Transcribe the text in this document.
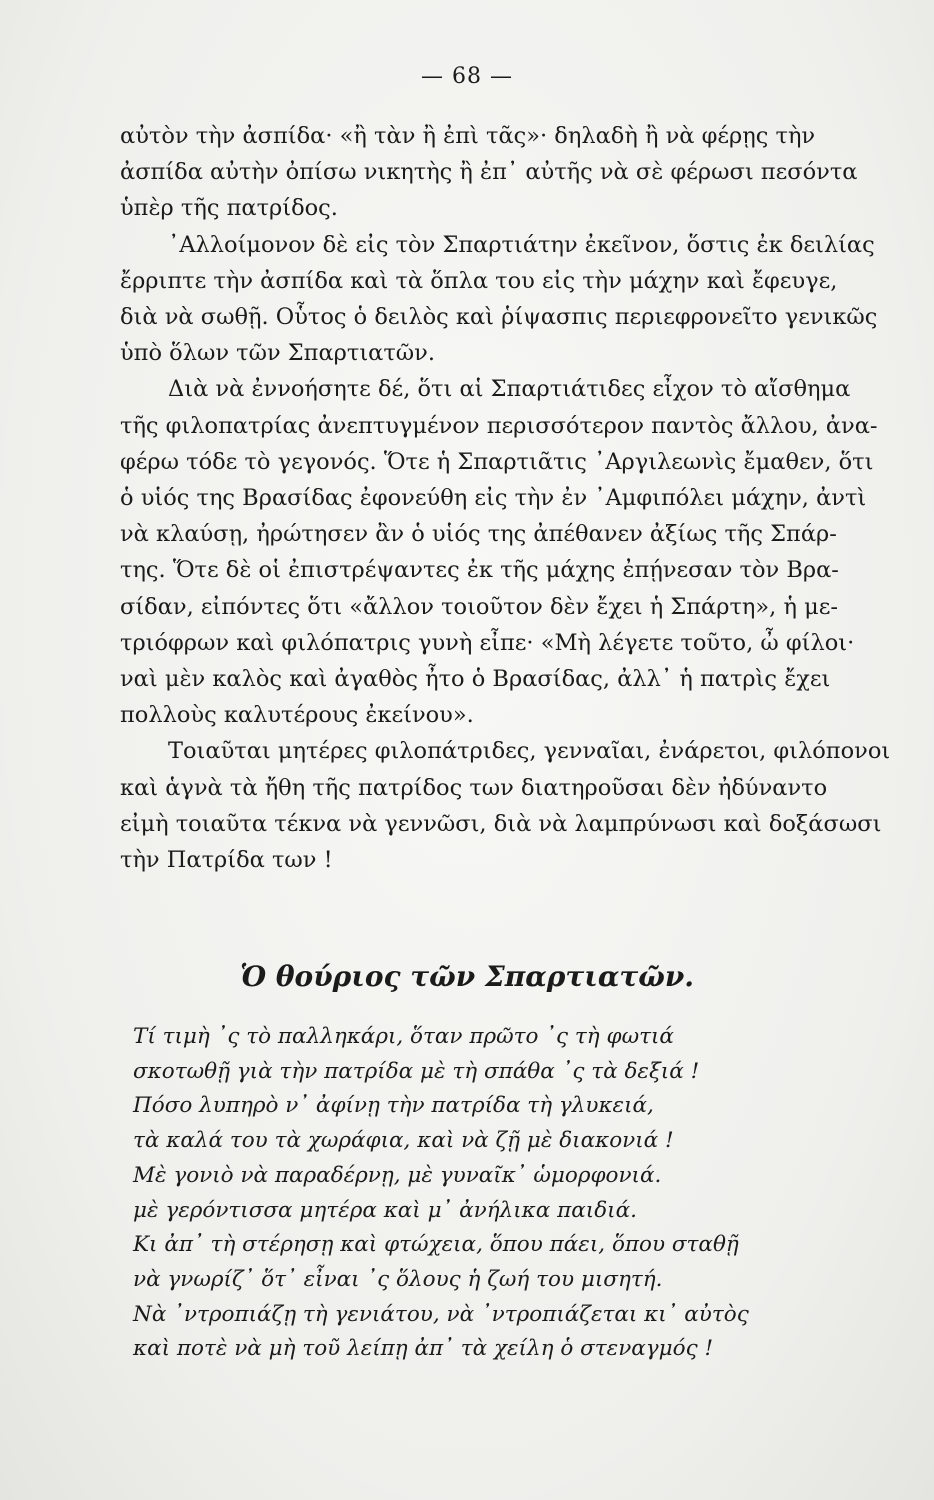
— 68 —
αὐτὸν τὴν ἀσπίδα· «ἢ τὰν ἢ ἐπὶ τᾶς»· δηλαδὴ ἢ νὰ φέρῃς τὴν
ἀσπίδα αὐτὴν ὀπίσω νικητὴς ἢ ἐπ᾽ αὐτῆς νὰ σὲ φέρωσι πεσόντα
ὑπὲρ τῆς πατρίδος.
᾿Αλλοίμονον δὲ εἰς τὸν Σπαρτιάτην ἐκεῖνον, ὅστις ἐκ δειλίας
ἔρριπτε τὴν ἀσπίδα καὶ τὰ ὅπλα του εἰς τὴν μάχην καὶ ἔφευγε,
διὰ νὰ σωθῇ. Οὗτος ὁ δειλὸς καὶ ῥίψασπις περιεφρονεῖτο γενικῶς
ὑπὸ ὅλων τῶν Σπαρτιατῶν.
Διὰ νὰ ἐννοήσητε δέ, ὅτι αἱ Σπαρτιάτιδες εἶχον τὸ αἴσθημα
τῆς φιλοπατρίας ἀνεπτυγμένον περισσότερον παντὸς ἄλλου, ἀνα-
φέρω τόδε τὸ γεγονός. Ὅτε ἡ Σπαρτιᾶτις ᾿Αργιλεωνὶς ἔμαθεν, ὅτι
ὁ υἱός της Βρασίδας ἐφονεύθη εἰς τὴν ἐν ᾿Αμφιπόλει μάχην, ἀντὶ
νὰ κλαύσῃ, ἠρώτησεν ἂν ὁ υἱός της ἀπέθανεν ἀξίως τῆς Σπάρ-
της. Ὅτε δὲ οἱ ἐπιστρέψαντες ἐκ τῆς μάχης ἐπῄνεσαν τὸν Βρα-
σίδαν, εἰπόντες ὅτι «ἄλλον τοιοῦτον δὲν ἔχει ἡ Σπάρτη», ἡ με-
τριόφρων καὶ φιλόπατρις γυνὴ εἶπε· «Μὴ λέγετε τοῦτο, ὦ φίλοι·
ναὶ μὲν καλὸς καὶ ἀγαθὸς ἦτο ὁ Βρασίδας, ἀλλ᾽ ἡ πατρὶς ἔχει
πολλοὺς καλυτέρους ἐκείνου».
Τοιαῦται μητέρες φιλοπάτριδες, γενναῖαι, ἐνάρετοι, φιλόπονοι
καὶ ἁγνὰ τὰ ἤθη τῆς πατρίδος των διατηροῦσαι δὲν ἠδύναντο
εἰμὴ τοιαῦτα τέκνα νὰ γεννῶσι, διὰ νὰ λαμπρύνωσι καὶ δοξάσωσι
τὴν Πατρίδα των !
Ὁ θούριος τῶν Σπαρτιατῶν.
Τί τιμὴ ᾽ς τὸ παλληκάρι, ὅταν πρῶτο ᾽ς τὴ φωτιά
σκοτωθῇ γιὰ τὴν πατρίδα μὲ τὴ σπάθα ᾽ς τὰ δεξιά !
Πόσο λυπηρὸ ν᾽ ἀφίνῃ τὴν πατρίδα τὴ γλυκειά,
τὰ καλά του τὰ χωράφια, καὶ νὰ ζῇ μὲ διακονιά !
Μὲ γονιὸ νὰ παραδέρνῃ, μὲ γυναῖκ᾽ ὡμορφονιά.
μὲ γερόντισσα μητέρα καὶ μ᾽ ἀνήλικα παιδιά.
Κι ἀπ᾽ τὴ στέρησῃ καὶ φτώχεια, ὅπου πάει, ὅπου σταθῇ
νὰ γνωρίζ᾽ ὅτ᾽ εἶναι ᾽ς ὅλους ἡ ζωή του μισητή.
Νὰ ᾽ντροπιάζῃ τὴ γενιάτου, νὰ ᾽ντροπιάζεται κι᾽ αὐτὸς
καὶ ποτὲ νὰ μὴ τοῦ λείπῃ ἀπ᾽ τὰ χείλη ὁ στεναγμός !
